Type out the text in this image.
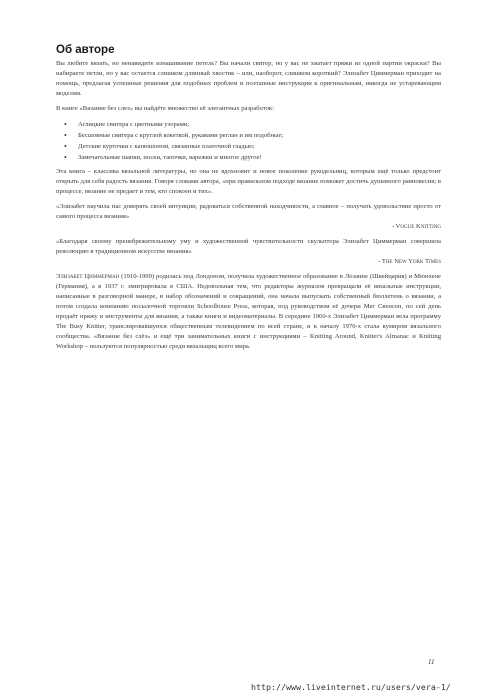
Об авторе

Вы любите вязать, но ненавидите изнашивание петель? Вы начали свитер, но у вас не хватает пряжи из одной партии окраски? Вы набираете петли, но у вас остается слишком длинный хвостик – или, наоборот, слишком короткий? Элизабет Циммерман приходит на помощь, предлагая успешные решения для подобных проблем и поэтапные инструкции к оригинальным, никогда не устаревающим моделям.

В книге «Вязание без слез» вы найдёте множество её элегантных разработок:

• Аглицкие свитера с цветными узорами;
• Бесшовные свитера с круглой кокеткой, рукавами реглан и им подобные;
• Детские курточки с капюшоном, связанные платочной гладью;
• Замечательные шапки, носки, тапочки, варежки и многое другое!

Эта книга – классика вязальной литературы, но она не вдохновит и новое поколение рукодельниц, которым ещё только предстоит открыть для себя радость вязания. Говоря словами автора, «при правильном подходе вязание поможет достичь душевного равновесия; в процессе, вязание не предает и тем, кто спокоен и тих».

«Элизабет научила нас доверять своей интуиции, радоваться собственной находчивости, а главное – получать удовольствие просто от самого процесса вязания»
- Vogue Knitting

«Благодаря своему пренебрежительному уму и художественной чувствительности скульптора Элизабет Циммерман совершила революцию в традиционном искусстве вязания»
- The New York Times

Элизабет Циммерман (1910-1999) родилась под Лондоном, получила художественное образование в Лозанне (Швейцария) и Мюнхене (Германия), а в 1937 г. эмигрировала в США. Недовольная тем, что редакторы журналов превращали её вязальные инструкции, написанные в разговорной манере, в набор обозначений и сокращений, она начала выпускать собственный бюллетень о вязании, а потом создала компанию посылочной торговли Schoolhouse Press, которая, под руководством её дочери Мег Свенсен, по сей день продаёт пряжу и инструменты для вязания, а также книги и видеоматериалы. В середине 1960-х Элизабет Циммерман вела программу The Busy Knitter, транслировавшуюся общественным телевидением по всей стране, и к началу 1970-х стала кумиром вязального сообщества. «Вязание без слёз» и ещё три занимательных книги с инструкциями – Knitting Around, Knitter's Almanac и Knitting Workshop – пользуются популярностью среди вязальщиц всего мира.

11
http://www.liveinternet.ru/users/vera-1/
